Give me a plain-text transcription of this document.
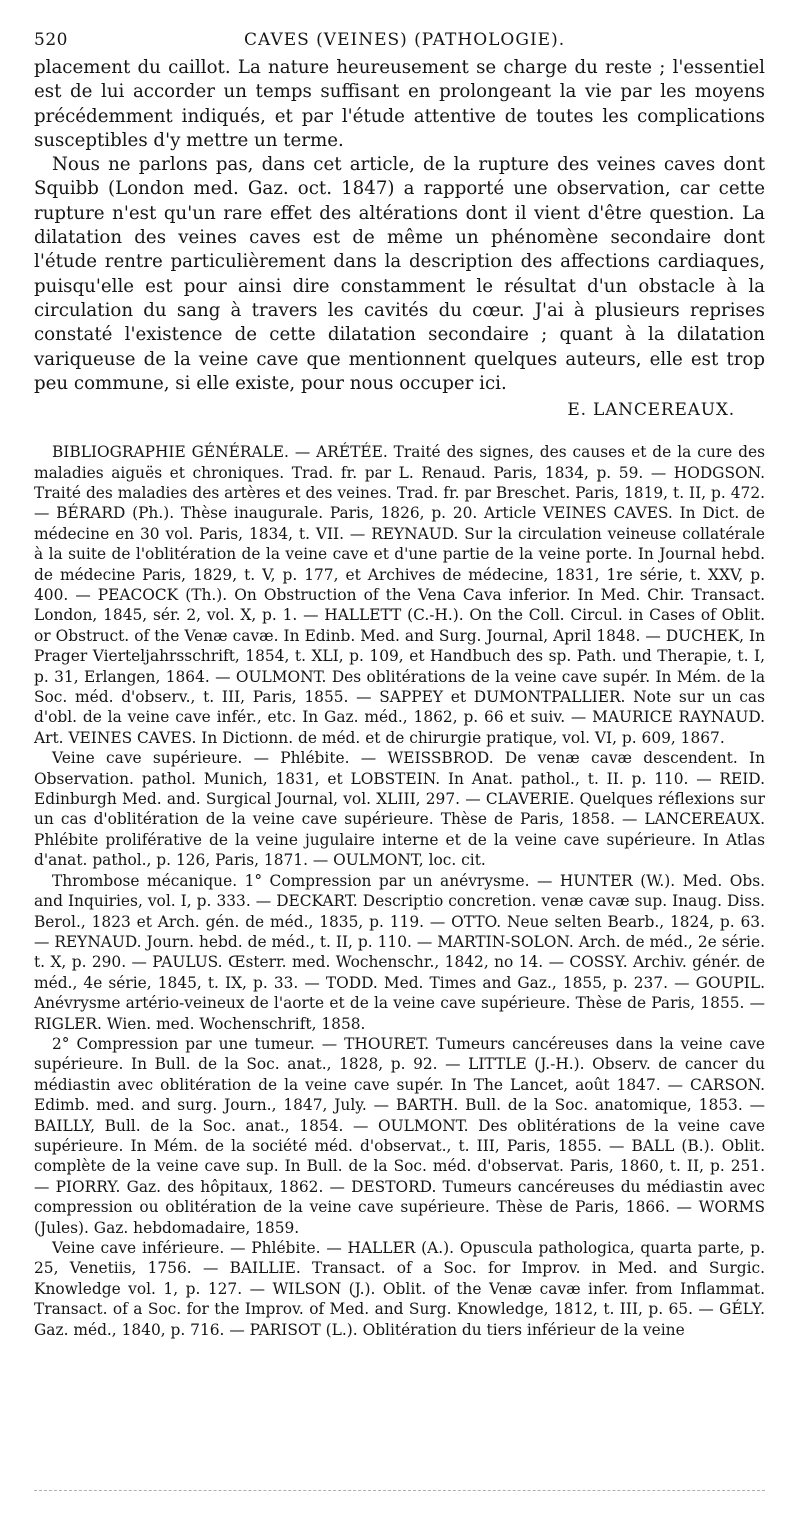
520	CAVES (VEINES) (PATHOLOGIE).

placement du caillot. La nature heureusement se charge du reste ; l'essentiel est de lui accorder un temps suffisant en prolongeant la vie par les moyens précédemment indiqués, et par l'étude attentive de toutes les complications susceptibles d'y mettre un terme.

Nous ne parlons pas, dans cet article, de la rupture des veines caves dont Squibb (London med. Gaz. oct. 1847) a rapporté une observation, car cette rupture n'est qu'un rare effet des altérations dont il vient d'être question. La dilatation des veines caves est de même un phénomène secondaire dont l'étude rentre particulièrement dans la description des affections cardiaques, puisqu'elle est pour ainsi dire constamment le résultat d'un obstacle à la circulation du sang à travers les cavités du cœur. J'ai à plusieurs reprises constaté l'existence de cette dilatation secondaire ; quant à la dilatation variqueuse de la veine cave que mentionnent quelques auteurs, elle est trop peu commune, si elle existe, pour nous occuper ici.

E. LANCEREAUX.

BIBLIOGRAPHIE GÉNÉRALE. — ARÉTÉE. Traité des signes, des causes et de la cure des maladies aiguës et chroniques. Trad. fr. par L. Renaud. Paris, 1834, p. 59. — HODGSON. Traité des maladies des artères et des veines. Trad. fr. par Breschet. Paris, 1819, t. II, p. 472. — BÉRARD (Ph.). Thèse inaugurale. Paris, 1826, p. 20. Article VEINES CAVES. In Dict. de médecine en 30 vol. Paris, 1834, t. VII. — REYNAUD. Sur la circulation veineuse collatérale à la suite de l'oblitération de la veine cave et d'une partie de la veine porte. In Journal hebd. de médecine Paris, 1829, t. V, p. 177, et Archives de médecine, 1831, 1re série, t. XXV, p. 400. — PEACOCK (Th.). On Obstruction of the Vena Cava inferior. In Med. Chir. Transact. London, 1845, sér. 2, vol. X, p. 1. — HALLETT (C.-H.). On the Coll. Circul. in Cases of Oblit. or Obstruct. of the Venæ cavæ. In Edinb. Med. and Surg. Journal, April 1848. — DUCHEK, In Prager Vierteljahrsschrift, 1854, t. XLI, p. 109, et Handbuch des sp. Path. und Therapie, t. I, p. 31, Erlangen, 1864. — OULMONT. Des oblitérations de la veine cave supér. In Mém. de la Soc. méd. d'observ., t. III, Paris, 1855. — SAPPEY et DUMONTPALLIER. Note sur un cas d'obl. de la veine cave infér., etc. In Gaz. méd., 1862, p. 66 et suiv. — MAURICE RAYNAUD. Art. VEINES CAVES. In Dictionn. de méd. et de chirurgie pratique, vol. VI, p. 609, 1867.

Veine cave supérieure. — Phlébite. — WEISSBROD. De venæ cavæ descendent. In Observation. pathol. Munich, 1831, et LOBSTEIN. In Anat. pathol., t. II. p. 110. — REID. Edinburgh Med. and. Surgical Journal, vol. XLIII, 297. — CLAVERIE. Quelques réflexions sur un cas d'oblitération de la veine cave supérieure. Thèse de Paris, 1858. — LANCEREAUX. Phlébite proliférative de la veine jugulaire interne et de la veine cave supérieure. In Atlas d'anat. pathol., p. 126, Paris, 1871. — OULMONT, loc. cit.

Thrombose mécanique. 1° Compression par un anévrysme. — HUNTER (W.). Med. Obs. and Inquiries, vol. I, p. 333. — DECKART. Descriptio concretion. venæ cavæ sup. Inaug. Diss. Berol., 1823 et Arch. gén. de méd., 1835, p. 119. — OTTO. Neue selten Bearb., 1824, p. 63. — REYNAUD. Journ. hebd. de méd., t. II, p. 110. — MARTIN-SOLON. Arch. de méd., 2e série. t. X, p. 290. — PAULUS. Œsterr. med. Wochenschr., 1842, no 14. — COSSY. Archiv. génér. de méd., 4e série, 1845, t. IX, p. 33. — TODD. Med. Times and Gaz., 1855, p. 237. — GOUPIL. Anévrysme artério-veineux de l'aorte et de la veine cave supérieure. Thèse de Paris, 1855. — RIGLER. Wien. med. Wochenschrift, 1858.

2° Compression par une tumeur. — THOURET. Tumeurs cancéreuses dans la veine cave supérieure. In Bull. de la Soc. anat., 1828, p. 92. — LITTLE (J.-H.). Observ. de cancer du médiastin avec oblitération de la veine cave supér. In The Lancet, août 1847. — CARSON. Edimb. med. and surg. Journ., 1847, July. — BARTH. Bull. de la Soc. anatomique, 1853. — BAILLY, Bull. de la Soc. anat., 1854. — OULMONT. Des oblitérations de la veine cave supérieure. In Mém. de la société méd. d'observat., t. III, Paris, 1855. — BALL (B.). Oblit. complète de la veine cave sup. In Bull. de la Soc. méd. d'observat. Paris, 1860, t. II, p. 251. — PIORRY. Gaz. des hôpitaux, 1862. — DESTORD. Tumeurs cancéreuses du médiastin avec compression ou oblitération de la veine cave supérieure. Thèse de Paris, 1866. — WORMS (Jules). Gaz. hebdomadaire, 1859.

Veine cave inférieure. — Phlébite. — HALLER (A.). Opuscula pathologica, quarta parte, p. 25, Venetiis, 1756. — BAILLIE. Transact. of a Soc. for Improv. in Med. and Surgic. Knowledge vol. 1, p. 127. — WILSON (J.). Oblit. of the Venæ cavæ infer. from Inflammat. Transact. of a Soc. for the Improv. of Med. and Surg. Knowledge, 1812, t. III, p. 65. — GÉLY. Gaz. méd., 1840, p. 716. — PARISOT (L.). Oblitération du tiers inférieur de la veine
